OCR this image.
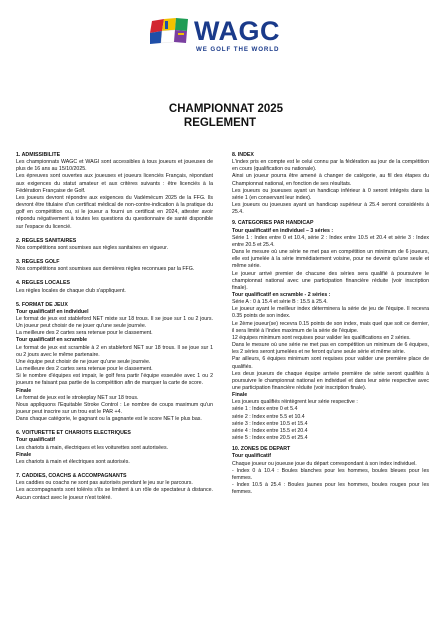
WAGC
WE GOLF THE WORLD
CHAMPIONNAT 2025
REGLEMENT

1. ADMISSIBILITE

Les championnats WAGC et WAGI sont accessibles à tous joueurs et joueuses de plus de 16 ans au 15/10/2025.

Les épreuves sont ouvertes aux joueuses et joueurs licenciés Français, répondant aux exigences du statut amateur et aux critères suivants : être licenciés à la Fédération Française de Golf.

Les joueurs devront répondre aux exigences du Vadémécum 2025 de la FFG. Ils devront être titulaire d'un certificat médical de non-contre-indication à la pratique du golf en compétition ou, si le joueur a fourni un certificat en 2024, attester avoir répondu négativement à toutes les questions du questionnaire de santé disponible sur l'espace du licencié.

2. REGLES SANITAIRES

Nos compétitions sont soumises aux règles sanitaires en vigueur.

3. REGLES GOLF

Nos compétitions sont soumises aux dernières règles reconnues par la FFG.

4. REGLES LOCALES

Les règles locales de chaque club s'appliquent.

5. FORMAT DE JEUX

Tour qualificatif en individuel

Le format de jeux est stableford NET mixte sur 18 trous. Il se joue sur 1 ou 2 jours. Un joueur peut choisir de ne jouer qu'une seule journée.

La meilleure des 2 cartes sera retenue pour le classement.

Tour qualificatif en scramble

Le format de jeux est scramble à 2 en stableford NET sur 18 trous. Il se joue sur 1 ou 2 jours avec le même partenaire.

Une équipe peut choisir de ne jouer qu'une seule journée.

La meilleure des 2 cartes sera retenue pour le classement.

Si le nombre d'équipes est impair, le golf fera partir l'équipe esseulée avec 1 ou 2 joueurs ne faisant pas partie de la compétition afin de marquer la carte de score.

Finale

Le format de jeux est le strokeplay NET sur 18 trous.

Nous appliquons l'Equitable Stroke Control : Le nombre de coups maximum qu'un joueur peut inscrire sur un trou est le PAR +4.

Dans chaque catégorie, le gagnant ou la gagnante est le score NET le plus bas.

6. VOITURETTE ET CHARIOTS ELECTRIQUES

Tour qualificatif

Les chariots à main, électriques et les voiturettes sont autorisées.

Finale

Les chariots à main et électriques sont autorisés.

7. CADDIES, COACHS & ACCOMPAGNANTS

Les caddies ou coachs ne sont pas autorisés pendant le jeu sur le parcours.

Les accompagnants sont tolérés s'ils se limitent à un rôle de spectateur à distance. Aucun contact avec le joueur n'est toléré.

8. INDEX

L'index pris en compte est le celui connu par la fédération au jour de la compétition en cours (qualification ou nationale).

Ainsi un joueur pourra être amené à changer de catégorie, au fil des étapes du Championnat national, en fonction de ses résultats.

Les joueurs ou joueuses ayant un handicap inférieur à 0 seront intégrés dans la série 1 (en conservant leur index).

Les joueurs ou joueuses ayant un handicap supérieur à 25.4 seront considérés à 25.4.

9. CATEGORIES PAR HANDICAP

Tour qualificatif en individuel – 3 séries :

Série 1 : Index entre 0 et 10.4, série 2 : Index entre 10.5 et 20.4 et série 3 : Index entre 20.5 et 25.4.

Dans le mesure où une série ne met pas en compétition un minimum de 6 joueurs, elle est jumelée à la série immédiatement voisine, pour ne devenir qu'une seule et même série.

Le joueur arrivé premier de chacune des séries sera qualifié à poursuivre le championnat national avec une participation financière réduite (voir inscription finale).

Tour qualificatif en scramble - 2 séries :

Série A : 0 à 15.4 et série B : 15.5 à 25.4.

Le joueur ayant le meilleur index déterminera la série de jeu de l'équipe. Il recevra 0.35 points de son index.

Le 2ème joueur(se) recevra 0.15 points de son index, mais quel que soit ce dernier, il sera limité à l'index maximum de la série de l'équipe.

12 équipes minimum sont requises pour valider les qualifications en 2 séries.

Dans le mesure où une série ne met pas en compétition un minimum de 6 équipes, les 2 séries seront jumelées et ne feront qu'une seule série et même série.

Par ailleurs, 6 équipes minimum sont requises pour valider une première place de qualifiés.

Les deux joueurs de chaque équipe arrivée première de série seront qualifiés à poursuivre le championnat national en individuel et dans leur série respective avec une participation financière réduite (voir inscription finale).

Finale

Les joueurs qualifiés réintègrent leur série respective :

série 1 : Index entre 0 et 5.4

série 2 : Index entre 5.5 et 10.4

série 3 : Index entre 10.5 et 15.4

série 4 : Index entre 15.5 et 20.4

série 5 : Index entre 20.5 et 25.4

10. ZONES DE DEPART

Tour qualificatif

Chaque joueur ou joueuse joue du départ correspondant à son index individuel.

- Index 0 à 10.4 : Boules blanches pour les hommes, boules bleues pour les femmes.

- Index 10.5 à 25.4 : Boules jaunes pour les hommes, boules rouges pour les femmes.
